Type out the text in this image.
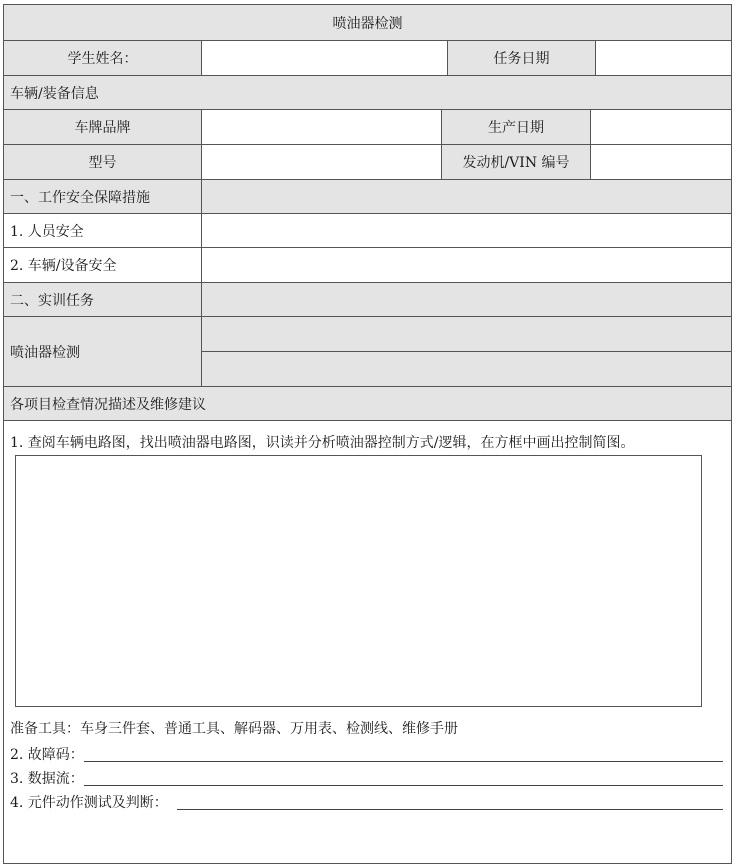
喷油器检测
学生姓名：	任务日期
车辆/装备信息
车牌品牌	生产日期
型号	发动机/VIN 编号
一、工作安全保障措施
1. 人员安全
2. 车辆/设备安全
二、实训任务
喷油器检测
各项目检查情况描述及维修建议
1. 查阅车辆电路图，找出喷油器电路图，识读并分析喷油器控制方式/逻辑，在方框中画出控制简图。
准备工具：车身三件套、普通工具、解码器、万用表、检测线、维修手册
2. 故障码：
3. 数据流：
4. 元件动作测试及判断：
